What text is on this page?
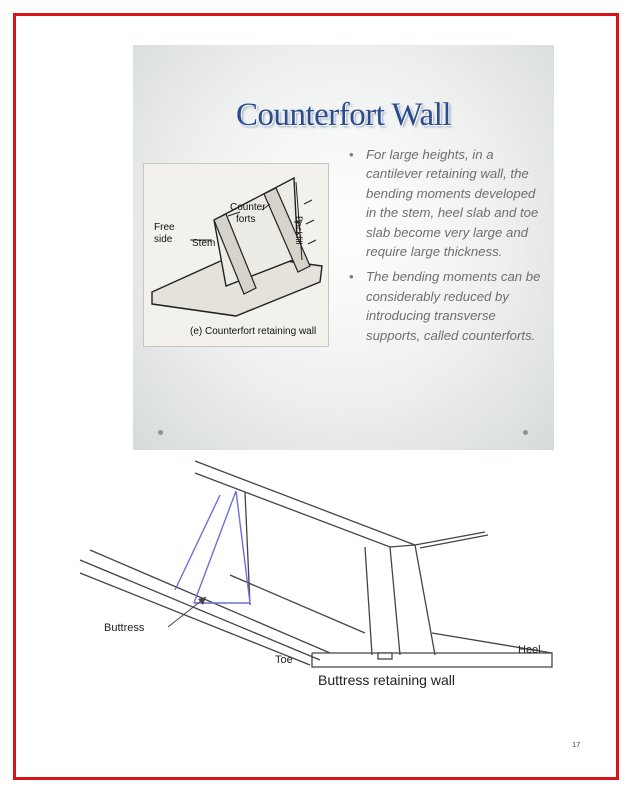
Counterfort Wall
Free
side Stem
Counter
forts	Backfill
(e) Counterfort retaining wall
• For large heights, in a cantilever retaining wall, the bending moments developed in the stem, heel slab and toe slab become very large and require large thickness.
• The bending moments can be considerably reduced by introducing transverse supports, called counterforts.
Buttress
Toe
Heel
Buttress retaining wall
17
